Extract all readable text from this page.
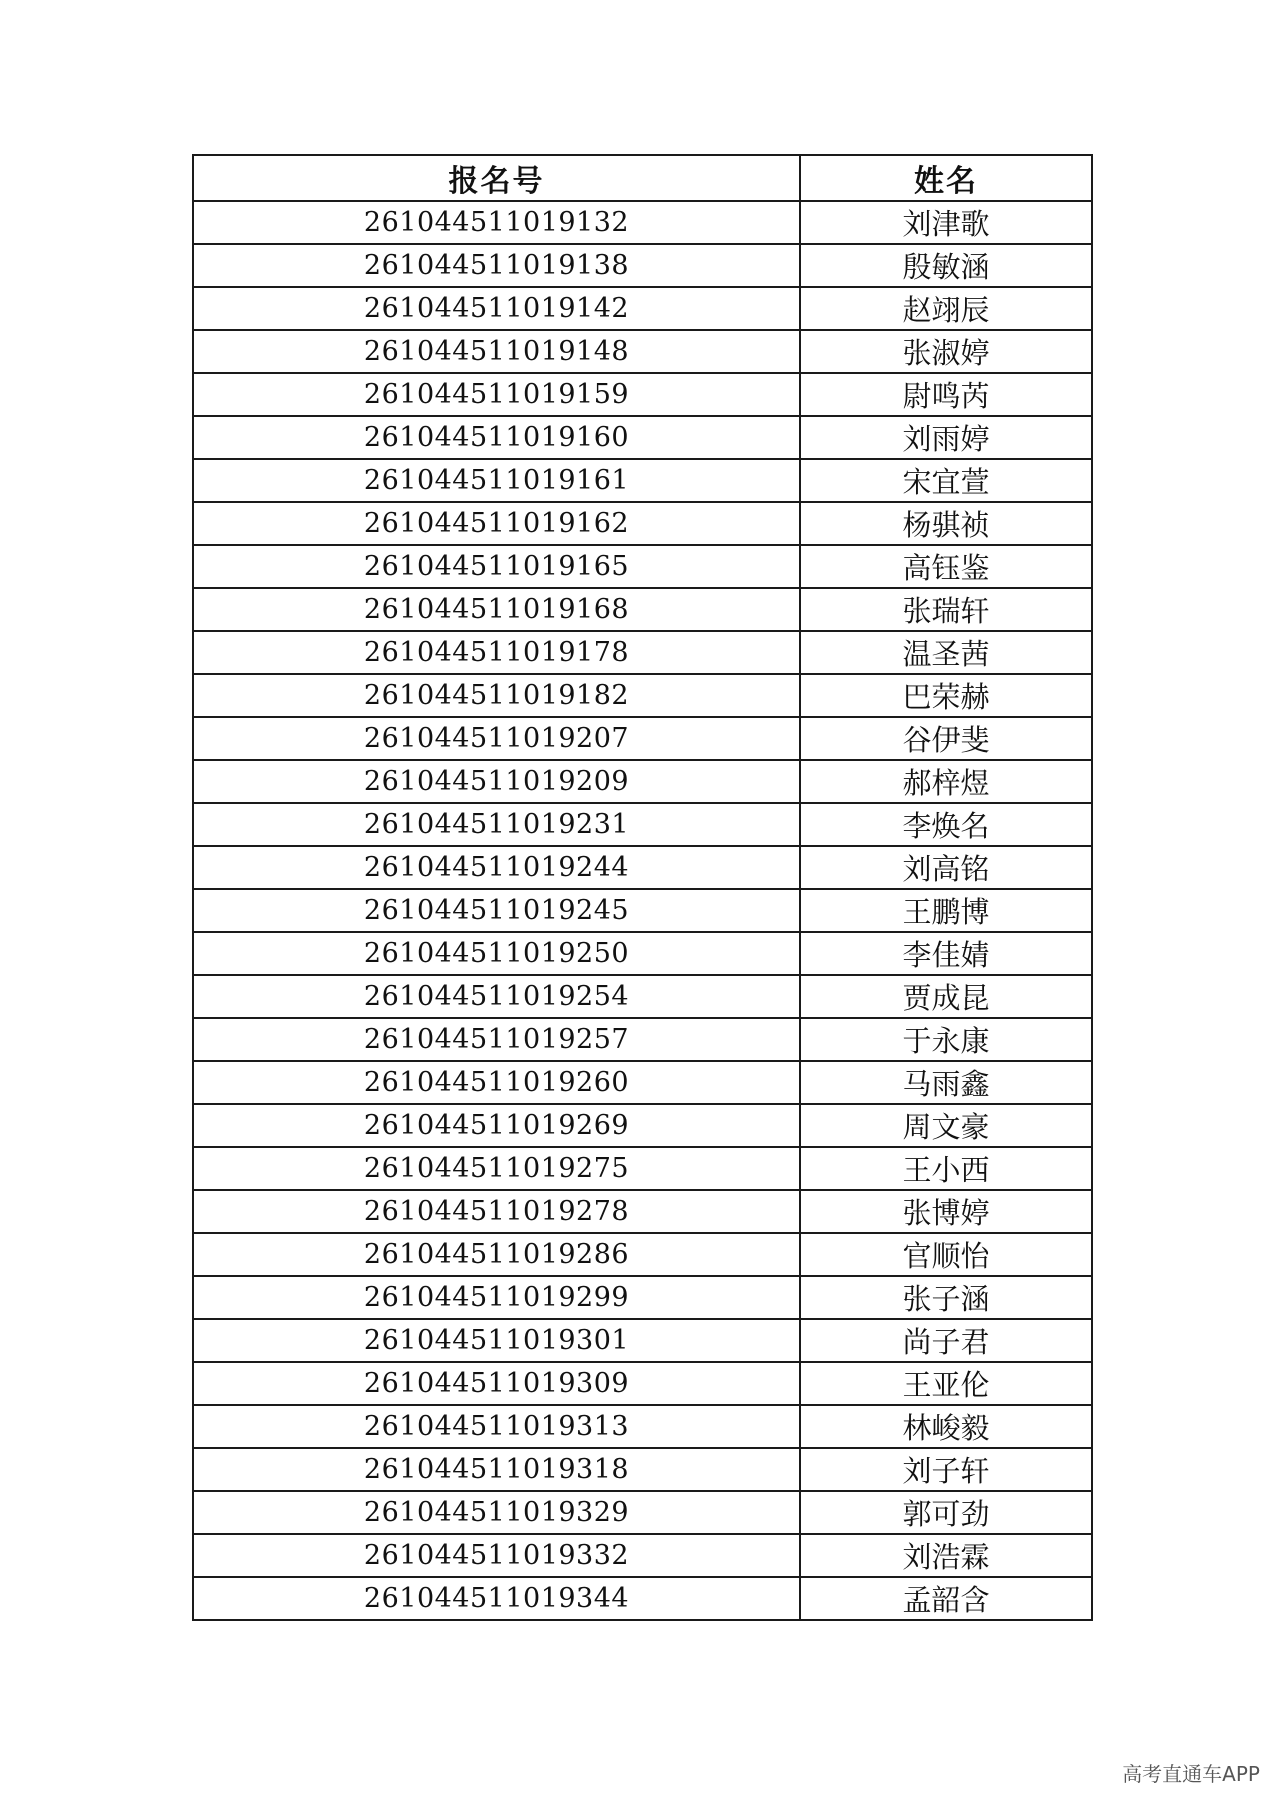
报名号	姓名
261044511019132	刘津歌
261044511019138	殷敏涵
261044511019142	赵翊辰
261044511019148	张淑婷
261044511019159	尉鸣芮
261044511019160	刘雨婷
261044511019161	宋宜萱
261044511019162	杨骐祯
261044511019165	高钰鉴
261044511019168	张瑞轩
261044511019178	温圣茜
261044511019182	巴荣赫
261044511019207	谷伊斐
261044511019209	郝梓煜
261044511019231	李焕名
261044511019244	刘高铭
261044511019245	王鹏博
261044511019250	李佳婧
261044511019254	贾成昆
261044511019257	于永康
261044511019260	马雨鑫
261044511019269	周文豪
261044511019275	王小西
261044511019278	张博婷
261044511019286	官顺怡
261044511019299	张子涵
261044511019301	尚子君
261044511019309	王亚伦
261044511019313	林峻毅
261044511019318	刘子轩
261044511019329	郭可劲
261044511019332	刘浩霖
261044511019344	孟韶含
高考直通车APP
